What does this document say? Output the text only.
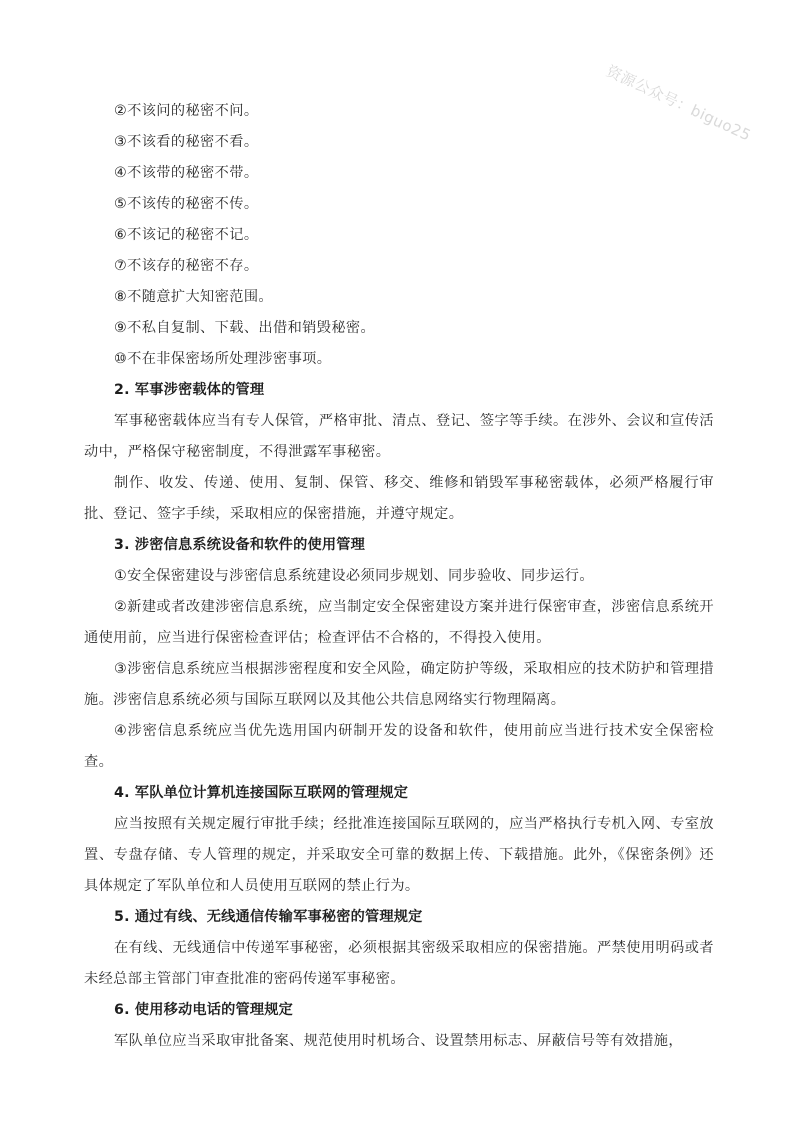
资源公众号：biguo25
②不该问的秘密不问。
③不该看的秘密不看。
④不该带的秘密不带。
⑤不该传的秘密不传。
⑥不该记的秘密不记。
⑦不该存的秘密不存。
⑧不随意扩大知密范围。
⑨不私自复制、下载、出借和销毁秘密。
⑩不在非保密场所处理涉密事项。
2. 军事涉密载体的管理
军事秘密载体应当有专人保管，严格审批、清点、登记、签字等手续。在涉外、会议和宣传活动中，严格保守秘密制度，不得泄露军事秘密。
制作、收发、传递、使用、复制、保管、移交、维修和销毁军事秘密载体，必须严格履行审批、登记、签字手续，采取相应的保密措施，并遵守规定。
3. 涉密信息系统设备和软件的使用管理
①安全保密建设与涉密信息系统建设必须同步规划、同步验收、同步运行。
②新建或者改建涉密信息系统，应当制定安全保密建设方案并进行保密审查，涉密信息系统开通使用前，应当进行保密检查评估；检查评估不合格的，不得投入使用。
③涉密信息系统应当根据涉密程度和安全风险，确定防护等级，采取相应的技术防护和管理措施。涉密信息系统必须与国际互联网以及其他公共信息网络实行物理隔离。
④涉密信息系统应当优先选用国内研制开发的设备和软件，使用前应当进行技术安全保密检查。
4. 军队单位计算机连接国际互联网的管理规定
应当按照有关规定履行审批手续；经批准连接国际互联网的，应当严格执行专机入网、专室放置、专盘存储、专人管理的规定，并采取安全可靠的数据上传、下载措施。此外，《保密条例》还具体规定了军队单位和人员使用互联网的禁止行为。
5. 通过有线、无线通信传输军事秘密的管理规定
在有线、无线通信中传递军事秘密，必须根据其密级采取相应的保密措施。严禁使用明码或者未经总部主管部门审查批准的密码传递军事秘密。
6. 使用移动电话的管理规定
军队单位应当采取审批备案、规范使用时机场合、设置禁用标志、屏蔽信号等有效措施，
